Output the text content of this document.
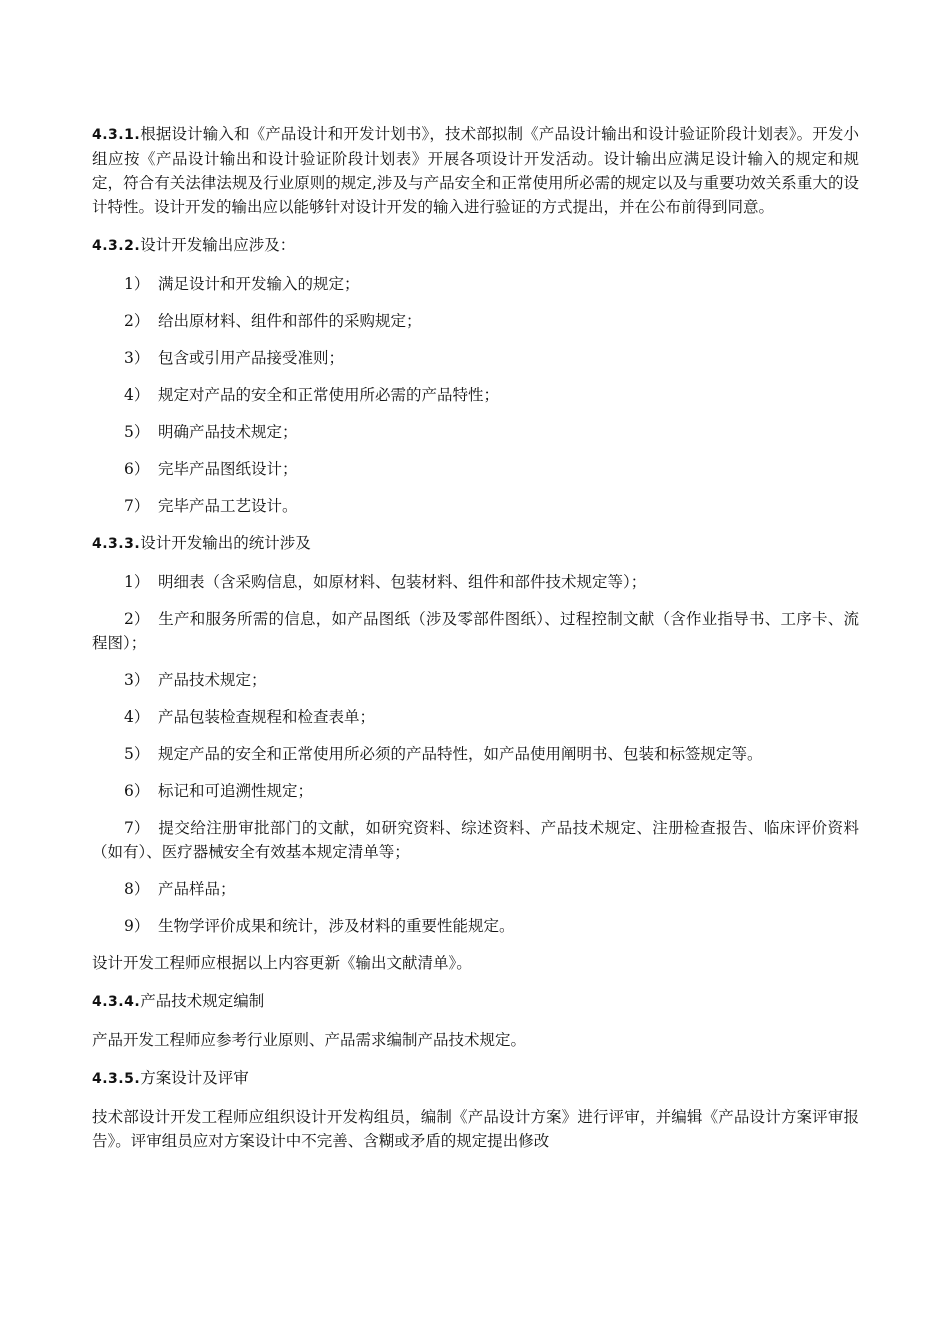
4.3.1.根据设计输入和《产品设计和开发计划书》，技术部拟制《产品设计输出和设计验证阶段计划表》。开发小组应按《产品设计输出和设计验证阶段计划表》开展各项设计开发活动。设计输出应满足设计输入的规定和规定，符合有关法律法规及行业原则的规定,涉及与产品安全和正常使用所必需的规定以及与重要功效关系重大的设计特性。设计开发的输出应以能够针对设计开发的输入进行验证的方式提出，并在公布前得到同意。

4.3.2.设计开发输出应涉及：

1） 满足设计和开发输入的规定；

2） 给出原材料、组件和部件的采购规定；

3） 包含或引用产品接受准则；

4） 规定对产品的安全和正常使用所必需的产品特性；

5） 明确产品技术规定；

6） 完毕产品图纸设计；

7） 完毕产品工艺设计。

4.3.3.设计开发输出的统计涉及

1） 明细表（含采购信息，如原材料、包装材料、组件和部件技术规定等）；

2） 生产和服务所需的信息，如产品图纸（涉及零部件图纸）、过程控制文献（含作业指导书、工序卡、流程图）；

3） 产品技术规定；

4） 产品包装检查规程和检查表单；

5） 规定产品的安全和正常使用所必须的产品特性，如产品使用阐明书、包装和标签规定等。

6） 标记和可追溯性规定；

7） 提交给注册审批部门的文献，如研究资料、综述资料、产品技术规定、注册检查报告、临床评价资料（如有）、医疗器械安全有效基本规定清单等；

8） 产品样品；

9） 生物学评价成果和统计，涉及材料的重要性能规定。

设计开发工程师应根据以上内容更新《输出文献清单》。

4.3.4.产品技术规定编制

产品开发工程师应参考行业原则、产品需求编制产品技术规定。

4.3.5.方案设计及评审

技术部设计开发工程师应组织设计开发构组员，编制《产品设计方案》进行评审，并编辑《产品设计方案评审报告》。评审组员应对方案设计中不完善、含糊或矛盾的规定提出修改
